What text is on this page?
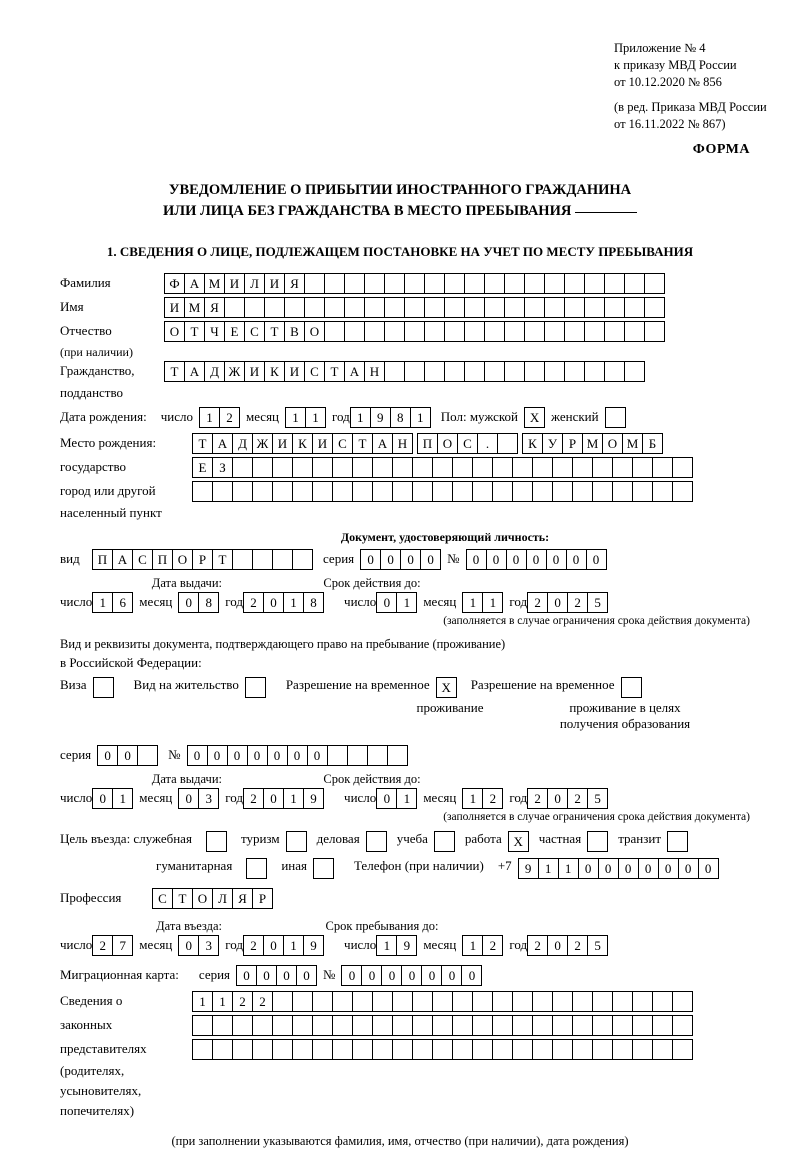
Приложение № 4
к приказу МВД России
от 10.12.2020 № 856
(в ред. Приказа МВД России
от 16.11.2022 № 867)
ФОРМА
УВЕДОМЛЕНИЕ О ПРИБЫТИИ ИНОСТРАННОГО ГРАЖДАНИНА
ИЛИ ЛИЦА БЕЗ ГРАЖДАНСТВА В МЕСТО ПРЕБЫВАНИЯ
1. СВЕДЕНИЯ О ЛИЦЕ, ПОДЛЕЖАЩЕМ ПОСТАНОВКЕ НА УЧЕТ ПО МЕСТУ ПРЕБЫВАНИЯ
Фамилия	Ф А М И Л И Я
Имя	И М Я
Отчество	О Т Ч Е С Т В О
(при наличии)
Гражданство,	Т А Д Ж И К И С Т А Н
подданство
Дата рождения: число	1	2	месяц	1	1	год 1	9	8	1	Пол: мужской X женский
Место рождения:	Т А Д Ж И К И С Т А Н	П О С	.	К У Р М О М Б
государство	Е З
город или другой
населенный пункт
Документ, удостоверяющий личность:
вид	П А С П О Р Т	серия	0	0	0	0	№	0	0	0	0	0	0	0
Дата выдачи:	Срок действия до:
число 1	6	месяц	0	8	год 2	0	1	8	число 0	1	месяц	1	1	год 2	0	2	5
(заполняется в случае ограничения срока действия документа)
Вид и реквизиты документа, подтверждающего право на пребывание (проживание)
в Российской Федерации:
Виза	Вид на жительство	Разрешение на временное X	Разрешение на временное
проживание	проживание в целях
получения образования
серия	0	0	№	0	0	0	0	0	0	0
Дата выдачи:	Срок действия до:
число 0	1	месяц	0	3	год 2	0	1	9	число 0	1	месяц	1	2	год 2	0	2	5
(заполняется в случае ограничения срока действия документа)
Цель въезда: служебная	туризм	деловая	учеба	работа X	частная	транзит
гуманитарная	иная	Телефон (при наличии) +7	9	1	1	0	0	0	0	0	0	0
Профессия	С Т О Л Я Р
Дата въезда:	Срок пребывания до:
число 2	7	месяц	0	3	год 2	0	1	9	число 1	9	месяц	1	2	год 2	0	2	5
Миграционная карта: серия	0	0	0	0	№	0	0	0	0	0	0	0
Сведения о	1	1	2	2
законных
представителях
(родителях,
усыновителях,
попечителях)
(при заполнении указываются фамилия, имя, отчество (при наличии), дата рождения)
